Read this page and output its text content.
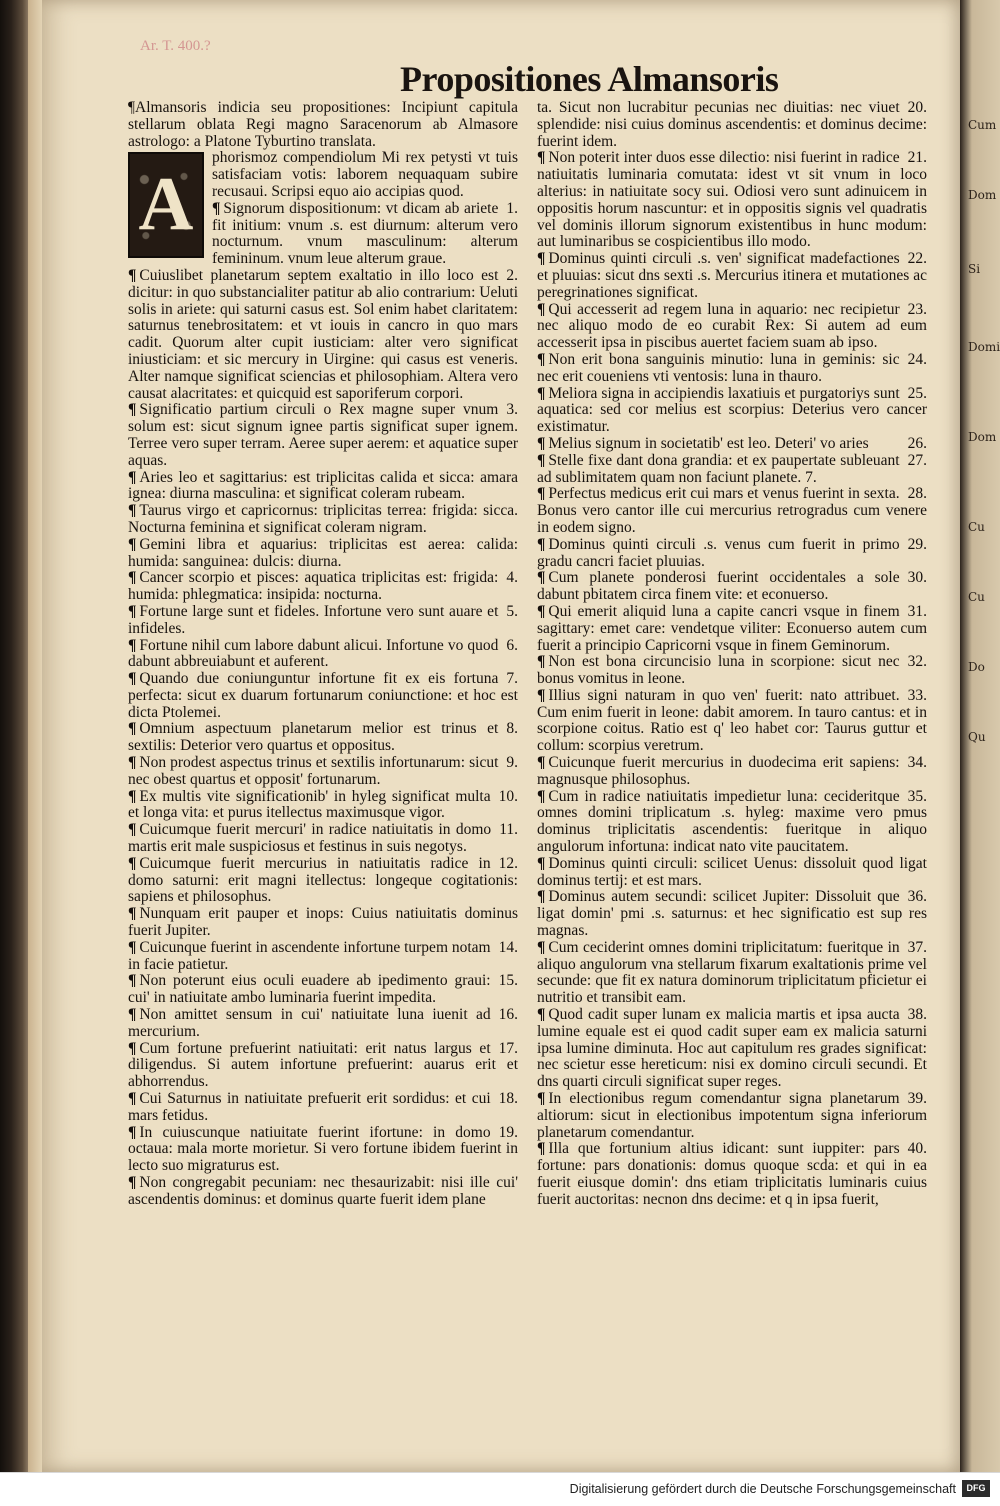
Ar. T. 400.?
Propositiones Almansoris

¶Almansoris indicia seu propositiones: Incipiunt capitula stellarum oblata Regi magno Saracenorum ab Almasore astrologo: a Platone Tyburtino translata.

A
phorismoz compendiolum Mi rex petysti vt tuis satisfaciam votis: laborem nequaquam subire recusaui. Scripsi equo aio accipias quod.

1.
¶ Signorum dispositionum: vt dicam ab ariete fit initium: vnum .s. est diurnum: alterum vero nocturnum. vnum masculinum: alterum femininum. vnum leue alterum graue.

2.
¶ Cuiuslibet planetarum septem exaltatio in illo loco est dicitur: in quo substancialiter patitur ab alio contrarium: Ueluti solis in ariete: qui saturni casus est. Sol enim habet claritatem: saturnus tenebrositatem: et vt iouis in cancro in quo mars cadit. Quorum alter cupit iusticiam: alter vero significat iniusticiam: et sic mercury in Uirgine: qui casus est veneris. Alter namque significat sciencias et philosophiam. Altera vero causat alacritates: et quicquid est saporiferum corpori.

3.
¶ Significatio partium circuli o Rex magne super vnum solum est: sicut signum ignee partis significat super ignem. Terree vero super terram. Aeree super aerem: et aquatice super aquas.

¶ Aries leo et sagittarius: est triplicitas calida et sicca: amara ignea: diurna masculina: et significat coleram rubeam.

¶ Taurus virgo et capricornus: triplicitas terrea: frigida: sicca. Nocturna feminina et significat coleram nigram.

¶ Gemini libra et aquarius: triplicitas est aerea: calida: humida: sanguinea: dulcis: diurna.

4.
¶ Cancer scorpio et pisces: aquatica triplicitas est: frigida: humida: phlegmatica: insipida: nocturna.

5.
¶ Fortune large sunt et fideles. Infortune vero sunt auare et infideles.

6.
¶ Fortune nihil cum labore dabunt alicui. Infortune vo quod dabunt abbreuiabunt et auferent.

7.
¶ Quando due coniunguntur infortune fit ex eis fortuna perfecta: sicut ex duarum fortunarum coniunctione: et hoc est dicta Ptolemei.

8.
¶ Omnium aspectuum planetarum melior est trinus et sextilis: Deterior vero quartus et oppositus.

9.
¶ Non prodest aspectus trinus et sextilis infortunarum: sicut nec obest quartus et opposit' fortunarum.

10.
¶ Ex multis vite significationib' in hyleg significat multa et longa vita: et purus itellectus maximusque vigor.

11.
¶ Cuicumque fuerit mercuri' in radice natiuitatis in domo martis erit male suspiciosus et festinus in suis negotys.

12.
¶ Cuicumque fuerit mercurius in natiuitatis radice in domo saturni: erit magni itellectus: longeque cogitationis: sapiens et philosophus.

¶ Nunquam erit pauper et inops: Cuius natiuitatis dominus fuerit Jupiter.

14.
¶ Cuicunque fuerint in ascendente infortune turpem notam in facie patietur.

15.
¶ Non poterunt eius oculi euadere ab ipedimento graui: cui' in natiuitate ambo luminaria fuerint impedita.

16.
¶ Non amittet sensum in cui' natiuitate luna iuenit ad mercurium.

17.
¶ Cum fortune prefuerint natiuitati: erit natus largus et diligendus. Si autem infortune prefuerint: auarus erit et abhorrendus.

18.
¶ Cui Saturnus in natiuitate prefuerit erit sordidus: et cui mars fetidus.

19.
¶ In cuiuscunque natiuitate fuerint ifortune: in domo octaua: mala morte morietur. Si vero fortune ibidem fuerint in lecto suo migraturus est.

¶ Non congregabit pecuniam: nec thesaurizabit: nisi ille cui' ascendentis dominus: et dominus quarte fuerit idem plane

20.
ta. Sicut non lucrabitur pecunias nec diuitias: nec viuet splendide: nisi cuius dominus ascendentis: et dominus decime: fuerint idem.

21.
¶ Non poterit inter duos esse dilectio: nisi fuerint in radice natiuitatis luminaria comutata: idest vt sit vnum in loco alterius: in natiuitate socy sui. Odiosi vero sunt adinuicem in oppositis horum nascuntur: et in oppositis signis vel quadratis vel dominis illorum signorum existentibus in hunc modum: aut luminaribus se cospicientibus illo modo.

22.
¶ Dominus quinti circuli .s. ven' significat madefactiones et pluuias: sicut dns sexti .s. Mercurius itinera et mutationes ac peregrinationes significat.

23.
¶ Qui accesserit ad regem luna in aquario: nec recipietur nec aliquo modo de eo curabit Rex: Si autem ad eum accesserit ipsa in piscibus auertet faciem suam ab ipso.

24.
¶ Non erit bona sanguinis minutio: luna in geminis: sic nec erit coueniens vti ventosis: luna in thauro.

25.
¶ Meliora signa in accipiendis laxatiuis et purgatoriys sunt aquatica: sed cor melius est scorpius: Deterius vero cancer existimatur.

26.
¶ Melius signum in societatib' est leo. Deteri' vo aries

27.
¶ Stelle fixe dant dona grandia: et ex paupertate subleuant ad sublimitatem quam non faciunt planete. 7.

28.
¶ Perfectus medicus erit cui mars et venus fuerint in sexta. Bonus vero cantor ille cui mercurius retrogradus cum venere in eodem signo.

29.
¶ Dominus quinti circuli .s. venus cum fuerit in primo gradu cancri faciet pluuias.

30.
¶ Cum planete ponderosi fuerint occidentales a sole dabunt pbitatem circa finem vite: et econuerso.

31.
¶ Qui emerit aliquid luna a capite cancri vsque in finem sagittary: emet care: vendetque viliter: Econuerso autem cum fuerit a principio Capricorni vsque in finem Geminorum.

32.
¶ Non est bona circuncisio luna in scorpione: sicut nec bonus vomitus in leone.

33.
¶ Illius signi naturam in quo ven' fuerit: nato attribuet. Cum enim fuerit in leone: dabit amorem. In tauro cantus: et in scorpione coitus. Ratio est q' leo habet cor: Taurus guttur et collum: scorpius veretrum.

34.
¶ Cuicunque fuerit mercurius in duodecima erit sapiens: magnusque philosophus.

35.
¶ Cum in radice natiuitatis impedietur luna: cecideritque omnes domini triplicatum .s. hyleg: maxime vero pmus dominus triplicitatis ascendentis: fueritque in aliquo angulorum infortuna: indicat nato vite paucitatem.

¶ Dominus quinti circuli: scilicet Uenus: dissoluit quod ligat dominus tertij: et est mars.

36.
¶ Dominus autem secundi: scilicet Jupiter: Dissoluit que ligat domin' pmi .s. saturnus: et hec significatio est sup res magnas.

37.
¶ Cum ceciderint omnes domini triplicitatum: fueritque in aliquo angulorum vna stellarum fixarum exaltationis prime vel secunde: que fit ex natura dominorum triplicitatum pficietur ei nutritio et transibit eam.

38.
¶ Quod cadit super lunam ex malicia martis et ipsa aucta lumine equale est ei quod cadit super eam ex malicia saturni ipsa lumine diminuta. Hoc aut capitulum res grades significat: nec scietur esse hereticum: nisi ex domino circuli secundi. Et dns quarti circuli significat super reges.

39.
¶ In electionibus regum comendantur signa planetarum altiorum: sicut in electionibus impotentum signa inferiorum planetarum comendantur.

40.
¶ Illa que fortunium altius idicant: sunt iuppiter: pars fortune: pars donationis: domus quoque scda: et qui in ea fuerit eiusque domin': dns etiam triplicitatis luminaris cuius fuerit auctoritas: necnon dns decime: et q in ipsa fuerit,

Cum
Dom
Si
Domi
Dom
Cu
Cu
Do
Qu
Digitalisierung gefördert durch die Deutsche Forschungsgemeinschaft	DFG
